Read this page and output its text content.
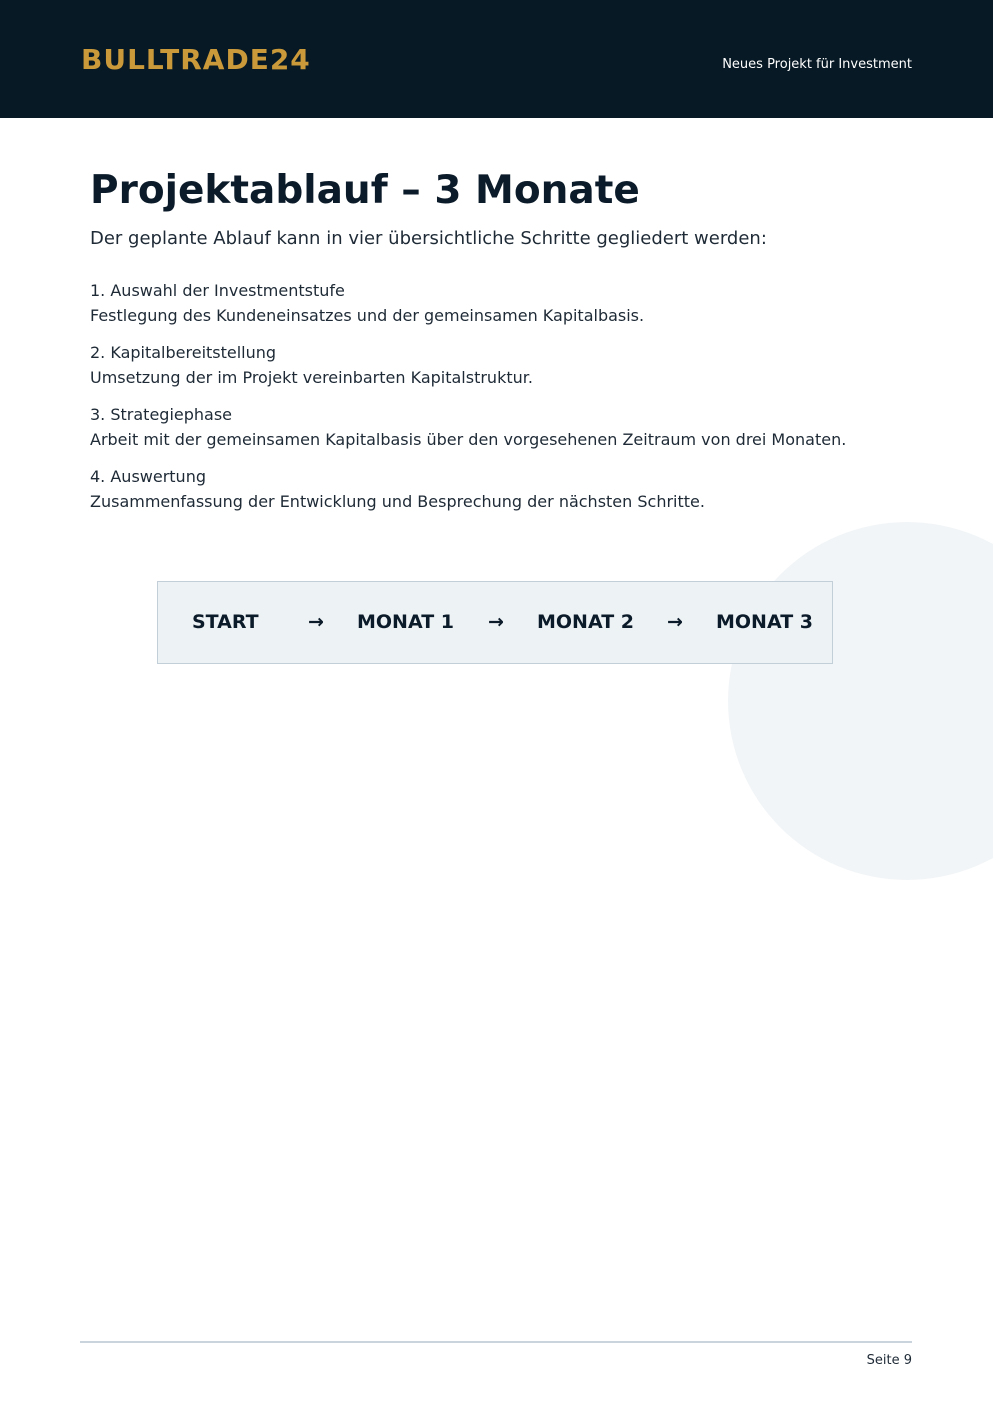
BULLTRADE24	Neues Projekt für Investment
Projektablauf – 3 Monate

Der geplante Ablauf kann in vier übersichtliche Schritte gegliedert werden:

1. Auswahl der Investmentstufe
Festlegung des Kundeneinsatzes und der gemeinsamen Kapitalbasis.
2. Kapitalbereitstellung
Umsetzung der im Projekt vereinbarten Kapitalstruktur.
3. Strategiephase
Arbeit mit der gemeinsamen Kapitalbasis über den vorgesehenen Zeitraum von drei Monaten.
4. Auswertung
Zusammenfassung der Entwicklung und Besprechung der nächsten Schritte.
START	→ MONAT 1 → MONAT 2 → MONAT 3
Seite 9
